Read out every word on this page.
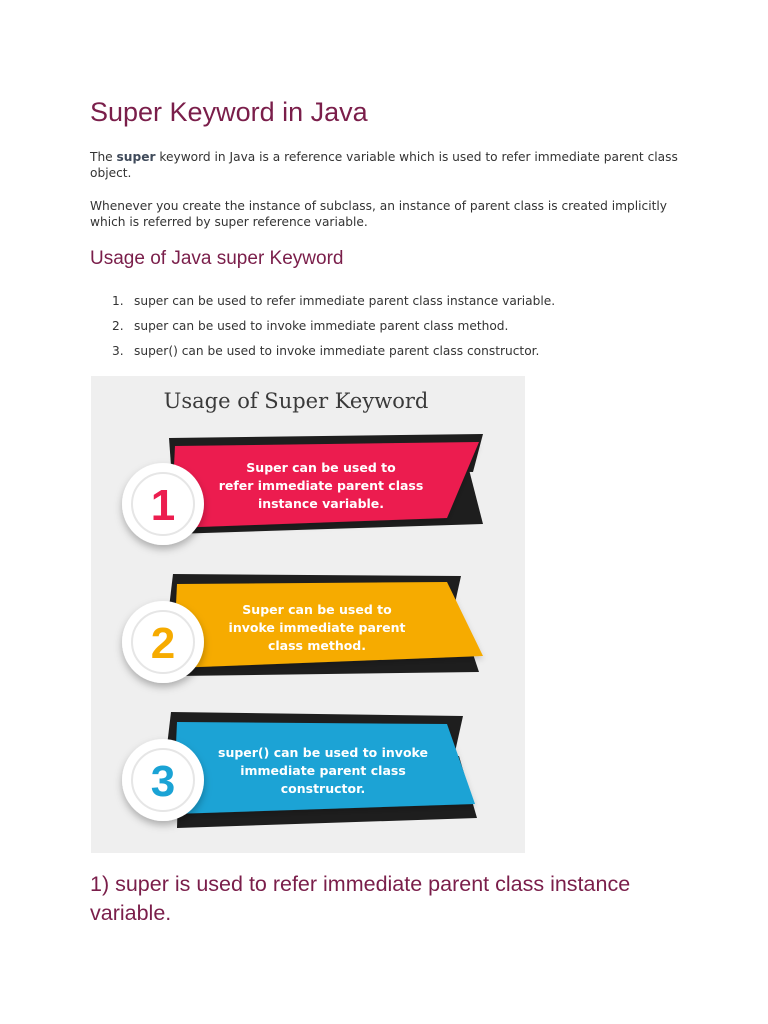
Super Keyword in Java

The super keyword in Java is a reference variable which is used to refer immediate parent class object.

Whenever you create the instance of subclass, an instance of parent class is created implicitly which is referred by super reference variable.

Usage of Java super Keyword
1. super can be used to refer immediate parent class instance variable.
2. super can be used to invoke immediate parent class method.
3. super() can be used to invoke immediate parent class constructor.
Usage of Super Keyword
1
Super can be used to
refer immediate parent class
instance variable.
2
Super can be used to
invoke immediate parent
class method.
3
super() can be used to invoke
immediate parent class
constructor.
1) super is used to refer immediate parent class instance variable.
